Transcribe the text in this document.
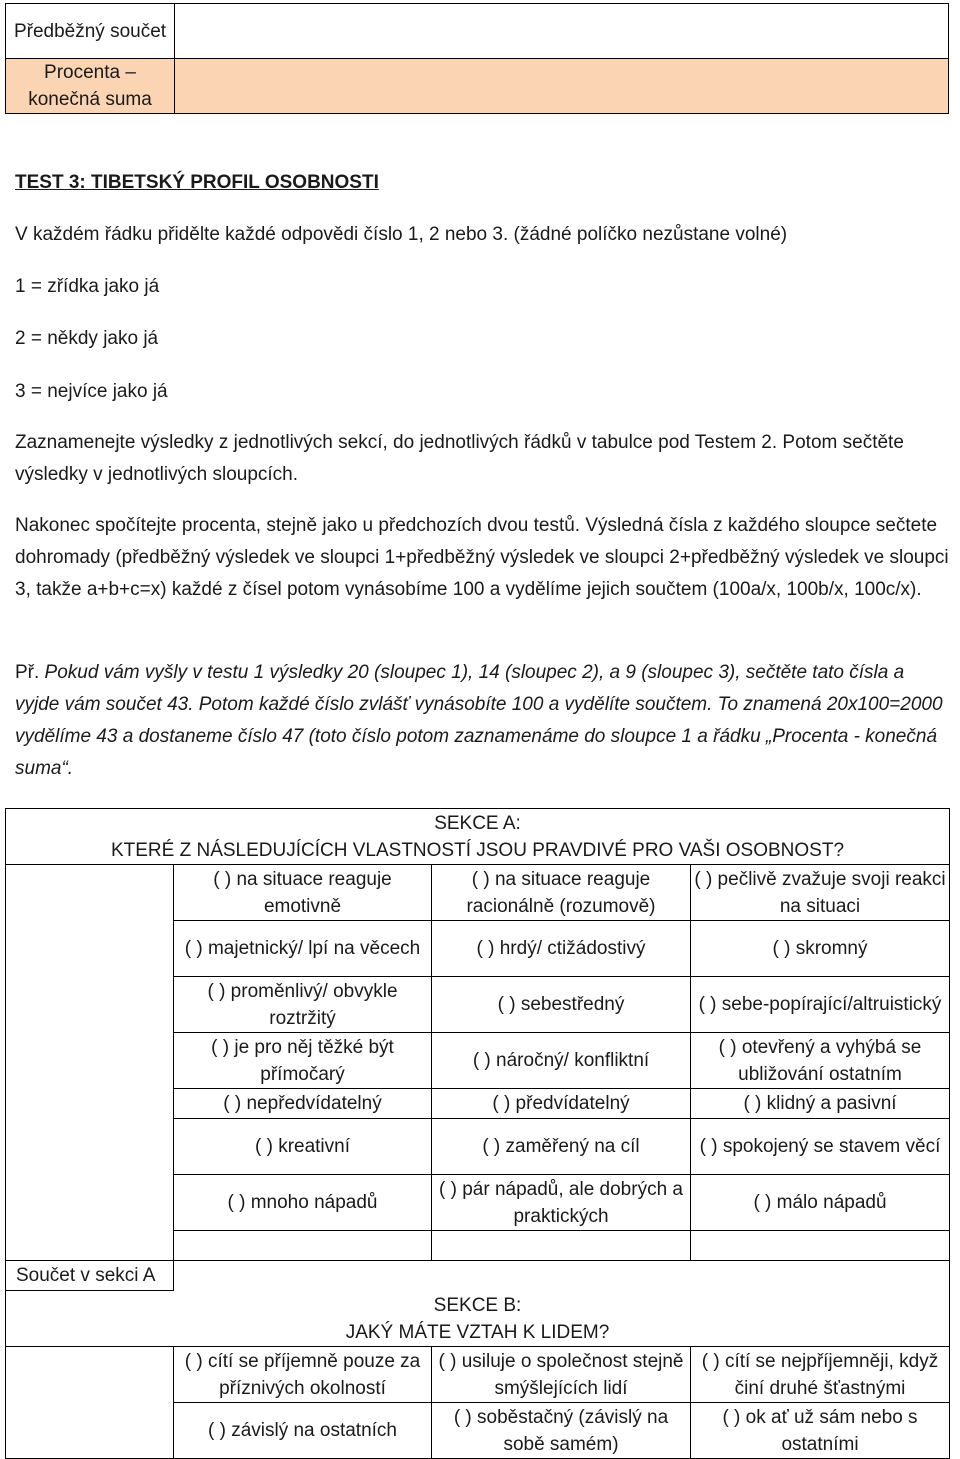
Předběžný součet	
Procenta – konečná suma	
TEST 3: TIBETSKÝ PROFIL OSOBNOSTI
V každém řádku přidělte každé odpovědi číslo 1, 2 nebo 3. (žádné políčko nezůstane volné)
1 = zřídka jako já
2 = někdy jako já
3 = nejvíce jako já
Zaznamenejte výsledky z jednotlivých sekcí, do jednotlivých řádků v tabulce pod Testem 2. Potom sečtěte výsledky v jednotlivých sloupcích.
Nakonec spočítejte procenta, stejně jako u předchozích dvou testů. Výsledná čísla z každého sloupce sečtete dohromady (předběžný výsledek ve sloupci 1+předběžný výsledek ve sloupci 2+předběžný výsledek ve sloupci 3, takže a+b+c=x) každé z čísel potom vynásobíme 100 a vydělíme jejich součtem (100a/x, 100b/x, 100c/x).
Př. Pokud vám vyšly v testu 1 výsledky 20 (sloupec 1), 14 (sloupec 2), a 9 (sloupec 3), sečtěte tato čísla a vyjde vám součet 43. Potom každé číslo zvlášť vynásobíte 100 a vydělíte součtem. To znamená 20x100=2000 vydělíme 43 a dostaneme číslo 47 (toto číslo potom zaznamenáme do sloupce 1 a řádku „Procenta - konečná suma“.
SEKCE A:
KTERÉ Z NÁSLEDUJÍCÍCH VLASTNOSTÍ JSOU PRAVDIVÉ PRO VAŠI OSOBNOST?			

	( ) na situace reaguje emotivně	( ) na situace reaguje racionálně (rozumově)	( ) pečlivě zvažuje svoji reakci na situaci
	( ) majetnický/ lpí na věcech	( ) hrdý/ ctižádostivý	( ) skromný
	( ) proměnlivý/ obvykle roztržitý	( ) sebestředný	( ) sebe-popírající/altruistický
	( ) je pro něj těžké být přímočarý	( ) náročný/ konfliktní	( ) otevřený a vyhýbá se ubližování ostatním
	( ) nepředvídatelný	( ) předvídatelný	( ) klidný a pasivní
	( ) kreativní	( ) zaměřený na cíl	( ) spokojený se stavem věcí
	( ) mnoho nápadů	( ) pár nápadů, ale dobrých a praktických	( ) málo nápadů

Součet v sekci A			

SEKCE B:
JAKÝ MÁTE VZTAH K LIDEM?			

	( ) cítí se příjemně pouze za příznivých okolností	( ) usiluje o společnost stejně smýšlejících lidí	( ) cítí se nejpříjemněji, když činí druhé šťastnými
	( ) závislý na ostatních	( ) soběstačný (závislý na sobě samém)	( ) ok ať už sám nebo s ostatními
